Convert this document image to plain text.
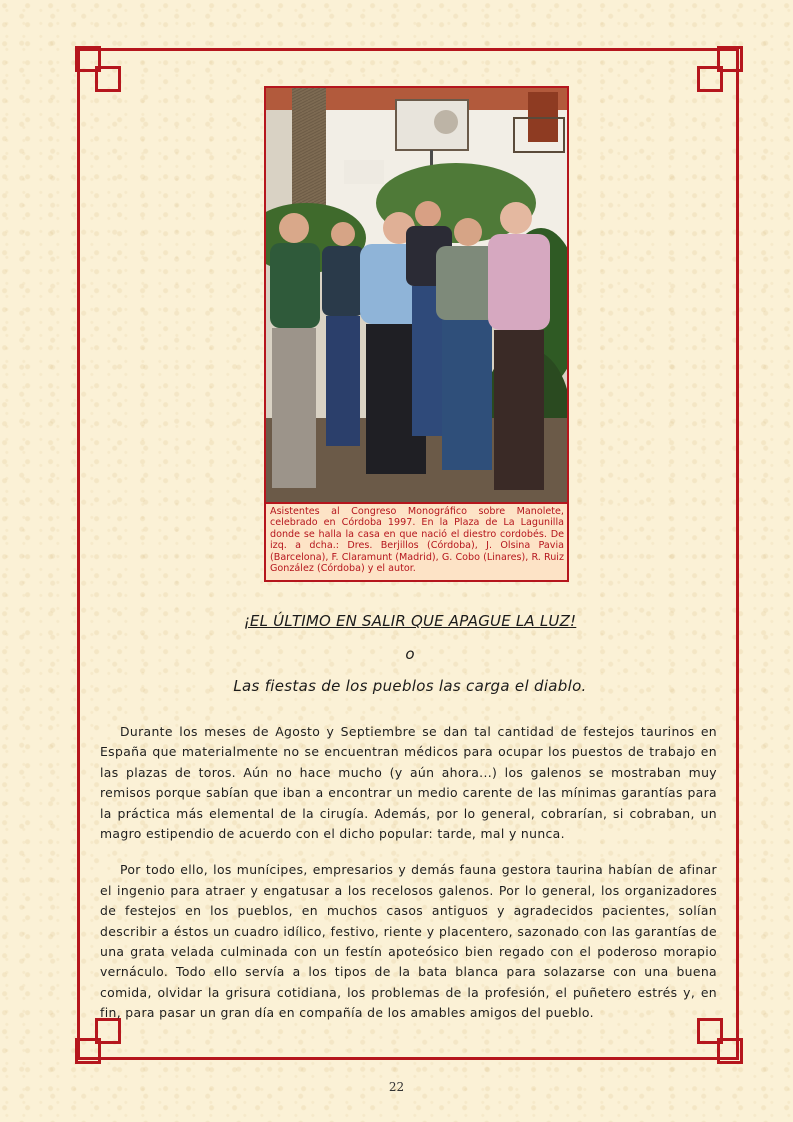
Asistentes al Congreso Monográfico sobre Manolete, celebrado en Córdoba 1997. En la Plaza de La Lagunilla donde se halla la casa en que nació el diestro cordobés. De izq. a dcha.: Dres. Berjillos (Córdoba), J. Olsina Pavia (Barcelona), F. Claramunt (Madrid), G. Cobo (Linares), R. Ruiz González (Córdoba) y el autor.
¡EL ÚLTIMO EN SALIR QUE APAGUE LA LUZ!
o
Las fiestas de los pueblos las carga el diablo.

Durante los meses de Agosto y Septiembre se dan tal cantidad de festejos taurinos en España que materialmente no se encuentran médicos para ocupar los puestos de trabajo en las plazas de toros. Aún no hace mucho (y aún ahora...) los galenos se mostraban muy remisos porque sabían que iban a encontrar un medio carente de las mínimas garantías para la práctica más elemental de la cirugía. Además, por lo general, cobrarían, si cobraban, un magro estipendio de acuerdo con el dicho popular: tarde, mal y nunca.

Por todo ello, los munícipes, empresarios y demás fauna gestora taurina habían de afinar el ingenio para atraer y engatusar a los recelosos galenos. Por lo general, los organizadores de festejos en los pueblos, en muchos casos antiguos y agradecidos pacientes, solían describir a éstos un cuadro idílico, festivo, riente y placentero, sazonado con las garantías de una grata velada culminada con un festín apoteósico bien regado con el poderoso morapio vernáculo. Todo ello servía a los tipos de la bata blanca para solazarse con una buena comida, olvidar la grisura cotidiana, los problemas de la profesión, el puñetero estrés y, en fin, para pasar un gran día en compañía de los amables amigos del pueblo.

22
